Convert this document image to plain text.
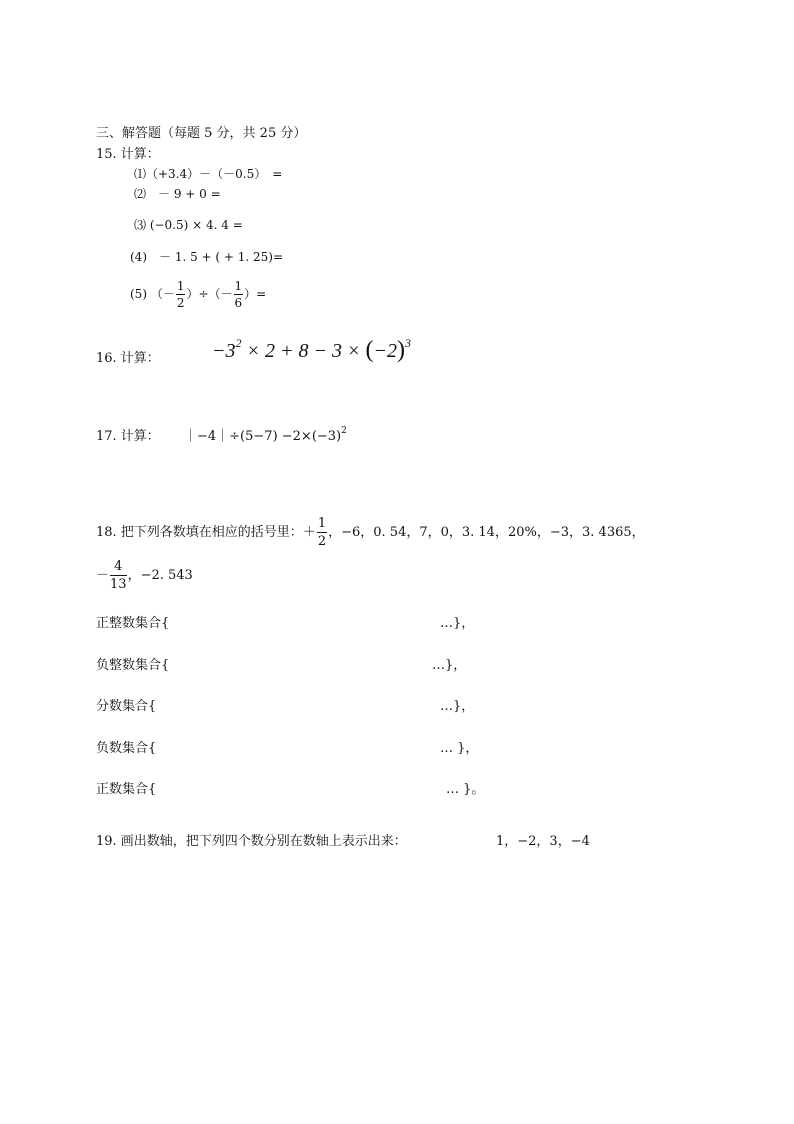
三、解答题（每题 5 分，共 25 分）
15. 计算：
⑴（+3.4）－（－0.5）　=
⑵　－ 9 + 0 =
⑶ (−0.5) × 4. 4 =
(4)　－ 1. 5 + ( + 1. 25)=
(5) （－ $\frac{1}{2}$ ）÷（－ $\frac{1}{6}$ ）=
16. 计算：	$-3^2 \times 2 + 8 - 3 \times (-2)^3$
17. 计算： ｜−4｜÷(5−7) $-2\times(-3)^2$
18. 把下列各数填在相应的括号里：＋ $\frac{1}{2}$ ，−6，0. 54，7，0，3. 14，20%，−3，3. 4365，
－ $\frac{4}{13}$ ，−2. 543
正整数集合{	…}，
负整数集合{	…}，
分数集合{	…}，
负数集合{	… }，
正数集合{	… }。
19. 画出数轴，把下列四个数分别在数轴上表示出来：	1，−2，3，−4
